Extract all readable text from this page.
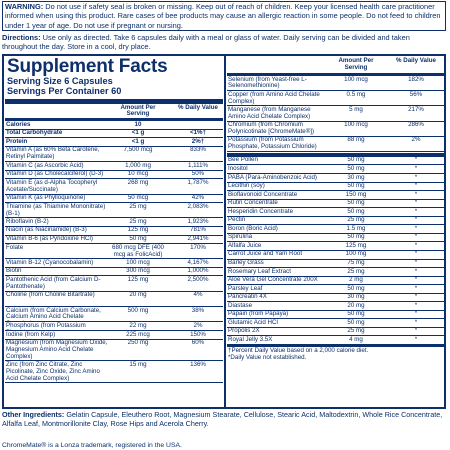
WARNING: Do not use if safety seal is broken or missing. Keep out of reach of children. Keep your licensed health care practitioner informed when using this product. Rare cases of bee products may cause an allergic reaction in some people. Do not feed to children under 1 year of age. Do not use if pregnant or nursing.
Directions: Use only as directed. Take 6 capsules daily with a meal or glass of water. Daily serving can be divided and taken throughout the day. Store in a cool, dry place.
Supplement Facts
Serving Size 6 Capsules
Servings Per Container 60
Amount Per Serving
% Daily Value
Calories	10
Total Carbohydrate	<1 g	<1%†
Protein	<1 g	2%†
Vitamin A (as 60% Beta Carotene, Retinyl Palmitate)
7,500 mcg	833%
Vitamin C (as Ascorbic Acid)	1,000 mg	1,111%
Vitamin D (as Cholecalciferol) (D-3)	10 mcg	50%
Vitamin E (as d-Alpha Tocopheryl Acetate/Succinate)
268 mg	1,787%
Vitamin K (as Phylloquinone)	50 mcg	42%
Thiamine (as Thiamine Mononitrate) (B-1)
25 mg	2,083%
Riboflavin (B-2)	25 mg	1,923%
Niacin (as Niacinamide) (B-3)	125 mg	781%
Vitamin B-6 (as Pyridoxine HCl)	50 mg	2,941%
Folate	680 mcg DFE (400 mcg as FolicAcid)
170%
Vitamin B-12 (Cyanocobalamin)	100 mcg	4,167%
Biotin	300 mcg	1,000%
Pantothenic Acid (from Calcium D-Pantothenate)
125 mg	2,500%
Choline (from Choline Bitartrate)	20 mg	4%
Calcium (from Calcium Carbonate, Calcium Amino Acid Chelate
500 mg	38%
Phosphorus (from Potassium	22 mg	2%
Iodine (from Kelp)	225 mcg	150%
Magnesium (from Magnesium Oxide, Magnesium Amino Acid Chelate Complex)
250 mg	60%
Zinc (from Zinc Citrate, Zinc Picolinate, Zinc Oxide, Zinc Amino Acid Chelate Complex)
15 mg	136%
Amount Per Serving
% Daily Value
Selenium (from Yeast-free L-Selenomethionine)
100 mcg	182%
Copper (from Amino Acid Chelate Complex)
0.5 mg	56%
Manganese (from Manganese Amino Acid Chelate Complex)
5 mg	217%
Chromium (from Chromium Polynicotinate [ChromeMate®])
100 mcg	286%
Potassium (from Potassium Phosphate, Potassium Chloride)
88 mg	2%
Bee Pollen	50 mg	*
Inositol	50 mg	*
PABA (Para-Aminobenzoic Acid)	30 mg	*
Lecithin (soy)	50 mg	*
Bioflavonoid Concentrate	150 mg	*
Rutin Concentrate	50 mg	*
Hesperidin Concentrate	50 mg	*
Pectin	25 mg	*
Boron (Boric Acid)	1.5 mg	*
Spirulina	50 mg	*
Alfalfa Juice	125 mg	*
Carrot Juice and Yam Root	100 mg	*
Barley Grass	75 mg	*
Rosemary Leaf Extract	25 mg	*
Aloe Vera Gel Concentrate 200X	2 mg	*
Parsley Leaf	50 mg	*
Pancreatin 4X	30 mg	*
Diastase	20 mg	*
Papain (from Papaya)	50 mg	*
Glutamic Acid HCl	50 mg	*
Propolis 2X	25 mg	*
Royal Jelly 3.5X	4 mg	*
†Percent Daily Value based on a 2,000 calorie diet.
*Daily Value not established.
Other Ingredients: Gelatin Capsule, Eleuthero Root, Magnesium Stearate, Cellulose, Stearic Acid, Maltodextrin, Whole Rice Concentrate, Alfalfa Leaf, Montmorillonite Clay, Rose Hips and Acerola Cherry.
ChromeMate® is a Lonza trademark, registered in the USA.
